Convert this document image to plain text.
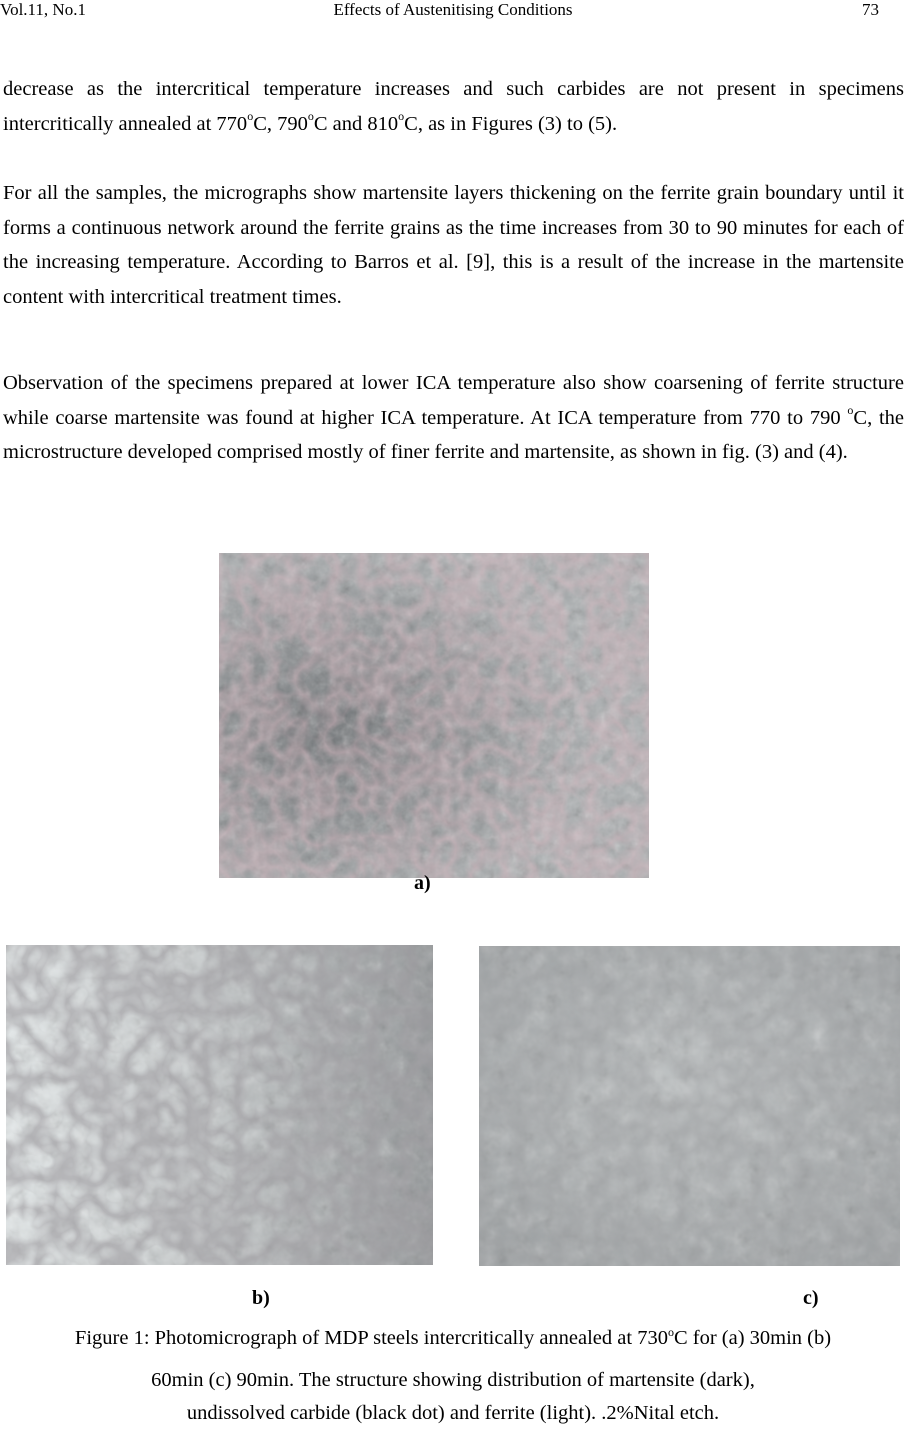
Vol.11, No.1	Effects of Austenitising Conditions	73

decrease as the intercritical temperature increases and such carbides are not present in specimens intercritically annealed at 770$^o$C, 790$^o$C and 810$^o$C, as in Figures (3) to (5).

For all the samples, the micrographs show martensite layers thickening on the ferrite grain boundary until it forms a continuous network around the ferrite grains as the time increases from 30 to 90 minutes for each of the increasing temperature. According to Barros et al. [9], this is a result of the increase in the martensite content with intercritical treatment times.

Observation of the specimens prepared at lower ICA temperature also show coarsening of ferrite structure while coarse martensite was found at higher ICA temperature. At ICA temperature from 770 to 790 $^o$C, the microstructure developed comprised mostly of finer ferrite and martensite, as shown in fig. (3) and (4).

a)
b)	c)
Figure 1: Photomicrograph of MDP steels intercritically annealed at 730$^o$C for (a) 30min (b)
60min (c) 90min. The structure showing distribution of martensite (dark),
undissolved carbide (black dot) and ferrite (light). .2%Nital etch.
